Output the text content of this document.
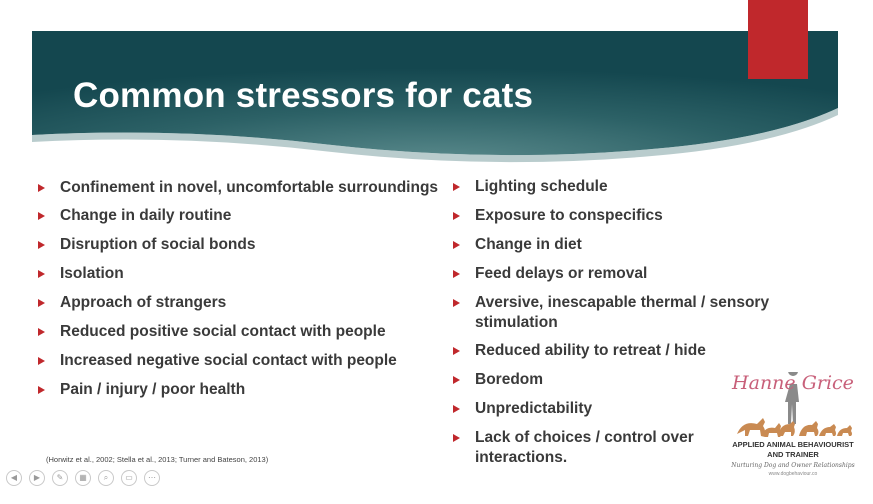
Common stressors for cats
Confinement in novel, uncomfortable surroundings
Change in daily routine
Disruption of social bonds
Isolation
Approach of strangers
Reduced positive social contact with people
Increased negative social contact with people
Pain / injury / poor health
Lighting schedule
Exposure to conspecifics
Change in diet
Feed delays or removal
Aversive, inescapable thermal / sensory stimulation
Reduced ability to retreat / hide
Boredom
Unpredictability
Lack of choices / control over interactions.
(Horwitz et al., 2002; Stella et al., 2013; Turner and Bateson, 2013)
Hanne Grice
APPLIED ANIMAL BEHAVIOURIST
AND TRAINER
Nurturing Dog and Owner Relationships
www.dogbehaviour.co
◀ ▶ ✎ ▦ ⌕ ▭ ⋯
